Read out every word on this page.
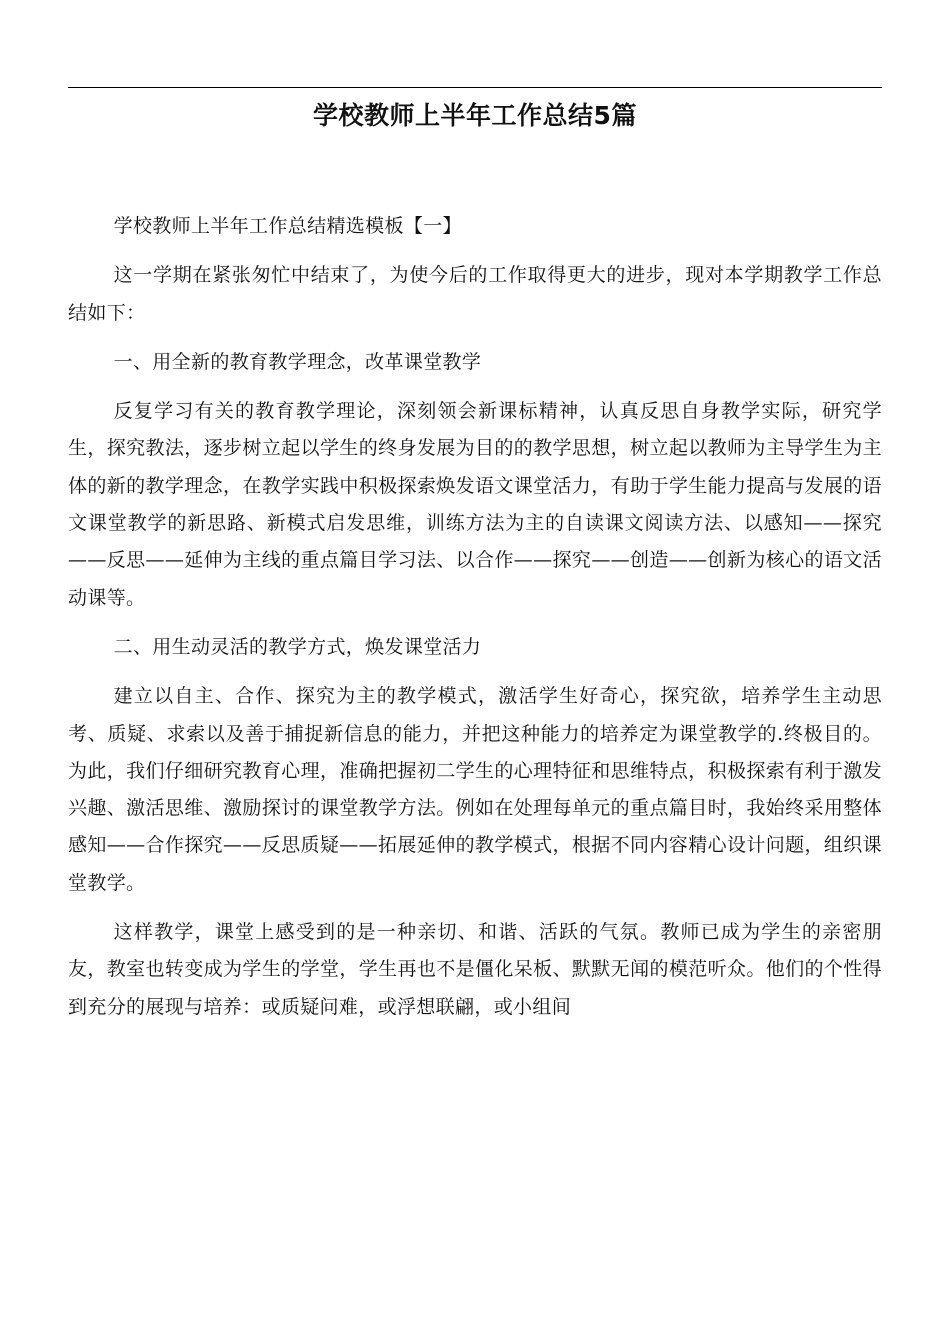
学校教师上半年工作总结5篇

学校教师上半年工作总结精选模板【一】

这一学期在紧张匆忙中结束了，为使今后的工作取得更大的进步，现对本学期教学工作总结如下：

一、用全新的教育教学理念，改革课堂教学

反复学习有关的教育教学理论，深刻领会新课标精神，认真反思自身教学实际，研究学生，探究教法，逐步树立起以学生的终身发展为目的的教学思想，树立起以教师为主导学生为主体的新的教学理念，在教学实践中积极探索焕发语文课堂活力，有助于学生能力提高与发展的语文课堂教学的新思路、新模式启发思维，训练方法为主的自读课文阅读方法、以感知——探究——反思——延伸为主线的重点篇目学习法、以合作——探究——创造——创新为核心的语文活动课等。

二、用生动灵活的教学方式，焕发课堂活力

建立以自主、合作、探究为主的教学模式，激活学生好奇心，探究欲，培养学生主动思考、质疑、求索以及善于捕捉新信息的能力，并把这种能力的培养定为课堂教学的.终极目的。为此，我们仔细研究教育心理，准确把握初二学生的心理特征和思维特点，积极探索有利于激发兴趣、激活思维、激励探讨的课堂教学方法。例如在处理每单元的重点篇目时，我始终采用整体感知——合作探究——反思质疑——拓展延伸的教学模式，根据不同内容精心设计问题，组织课堂教学。

这样教学，课堂上感受到的是一种亲切、和谐、活跃的气氛。教师已成为学生的亲密朋友，教室也转变成为学生的学堂，学生再也不是僵化呆板、默默无闻的模范听众。他们的个性得到充分的展现与培养：或质疑问难，或浮想联翩，或小组间
